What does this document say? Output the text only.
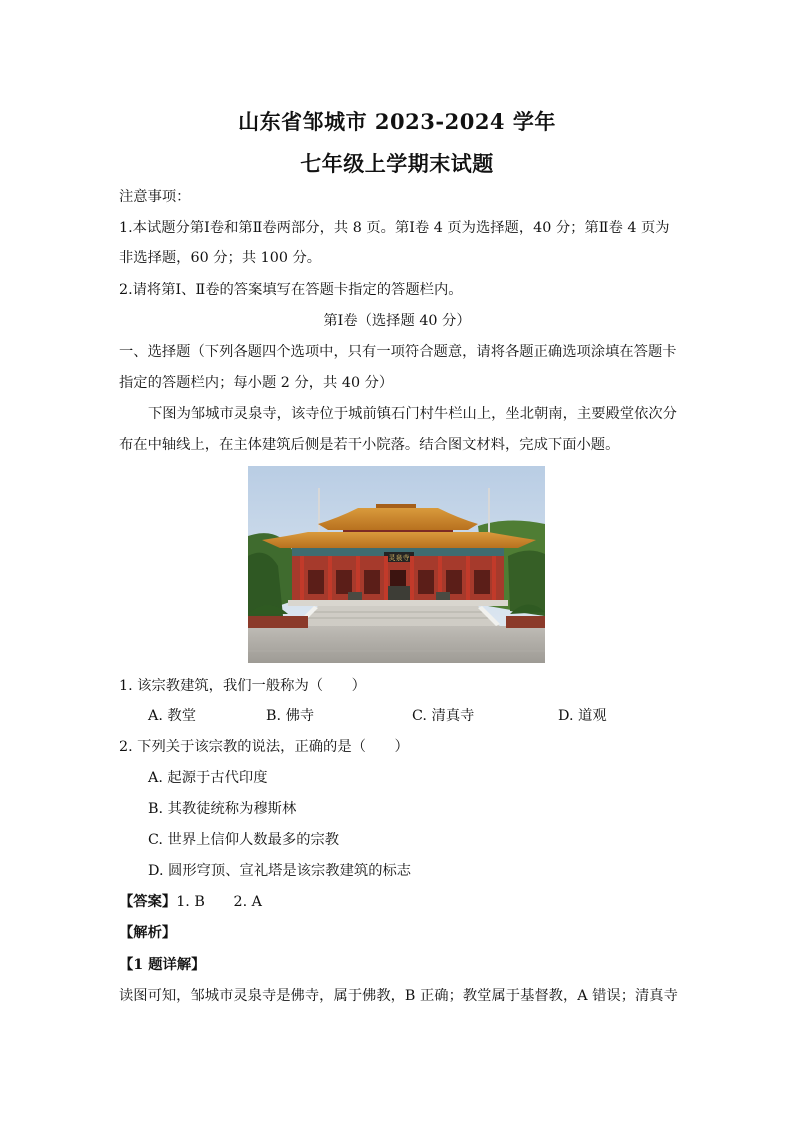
山东省邹城市 2023-2024 学年
七年级上学期末试题
注意事项：
1.本试题分第Ⅰ卷和第Ⅱ卷两部分，共 8 页。第Ⅰ卷 4 页为选择题，40 分；第Ⅱ卷 4 页为
非选择题，60 分；共 100 分。
2.请将第Ⅰ、Ⅱ卷的答案填写在答题卡指定的答题栏内。
第Ⅰ卷（选择题 40 分）
一、选择题（下列各题四个选项中，只有一项符合题意，请将各题正确选项涂填在答题卡
指定的答题栏内；每小题 2 分，共 40 分）
下图为邹城市灵泉寺，该寺位于城前镇石门村牛栏山上，坐北朝南，主要殿堂依次分
布在中轴线上，在主体建筑后侧是若干小院落。结合图文材料，完成下面小题。
灵泉寺
1. 该宗教建筑，我们一般称为（　　）
A. 教堂	B. 佛寺	C. 清真寺	D. 道观
2. 下列关于该宗教的说法，正确的是（　　）
A. 起源于古代印度
B. 其教徒统称为穆斯林
C. 世界上信仰人数最多的宗教
D. 圆形穹顶、宣礼塔是该宗教建筑的标志
【答案】1. B　　2. A
【解析】
【1 题详解】
读图可知，邹城市灵泉寺是佛寺，属于佛教，B 正确；教堂属于基督教，A 错误；清真寺
